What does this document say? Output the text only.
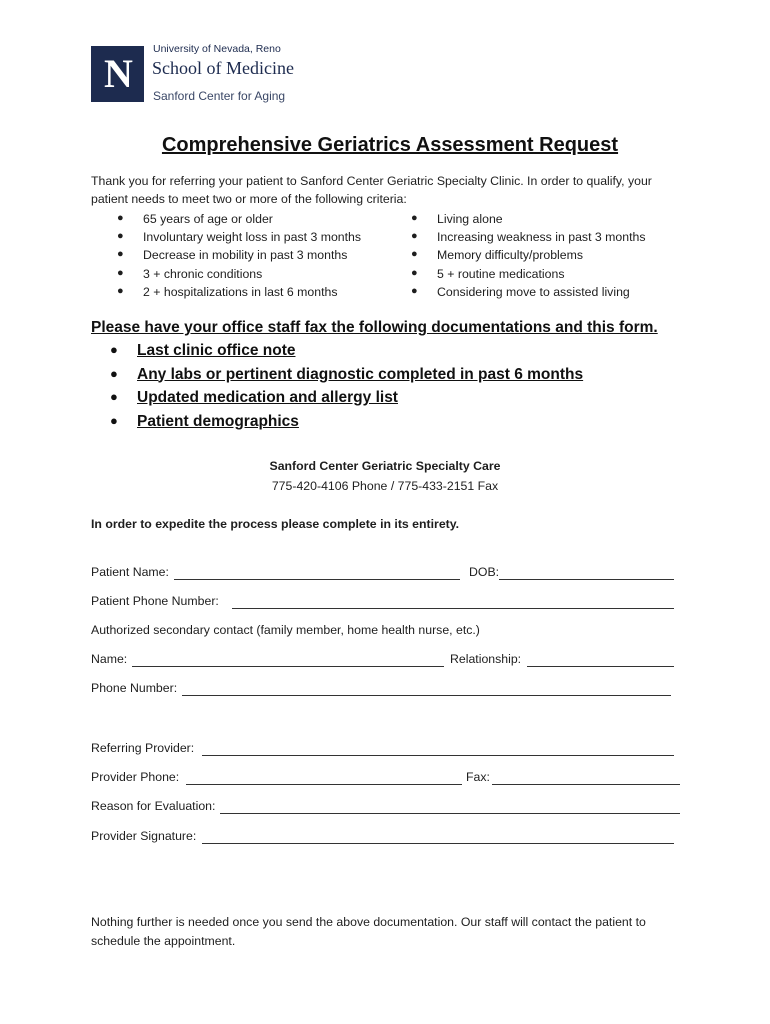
N
University of Nevada, Reno
School of Medicine
Sanford Center for Aging
Comprehensive Geriatrics Assessment Request
Thank you for referring your patient to Sanford Center Geriatric Specialty Clinic. In order to qualify, your patient needs to meet two or more of the following criteria:
● 65 years of age or older
● Involuntary weight loss in past 3 months
● Decrease in mobility in past 3 months
● 3 + chronic conditions
● 2 + hospitalizations in last 6 months
● Living alone
● Increasing weakness in past 3 months
● Memory difficulty/problems
● 5 + routine medications
● Considering move to assisted living
Please have your office staff fax the following documentations and this form.
● Last clinic office note
● Any labs or pertinent diagnostic completed in past 6 months
● Updated medication and allergy list
● Patient demographics
Sanford Center Geriatric Specialty Care
775-420-4106 Phone / 775-433-2151 Fax
In order to expedite the process please complete in its entirety.
Patient Name:	DOB:
Patient Phone Number:
Authorized secondary contact (family member, home health nurse, etc.)
Name:	Relationship:
Phone Number:
Referring Provider:
Provider Phone:	Fax:
Reason for Evaluation:
Provider Signature:
Nothing further is needed once you send the above documentation. Our staff will contact the patient to schedule the appointment.
